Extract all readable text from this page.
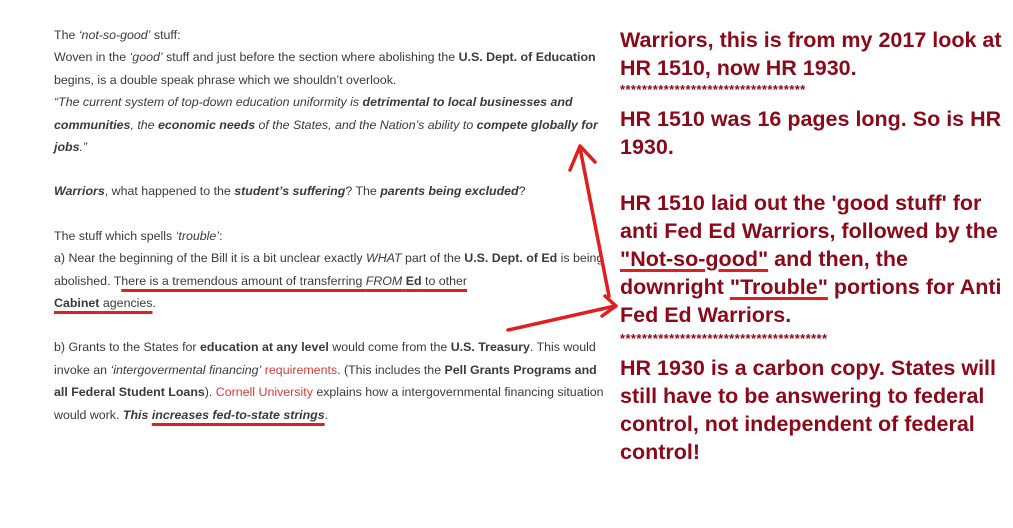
The ‘not-so-good’ stuff:

Woven in the ‘good’ stuff and just before the section where abolishing the U.S. Dept. of Education begins, is a double speak phrase which we shouldn’t overlook.

“The current system of top-down education uniformity is detrimental to local businesses and communities, the economic needs of the States, and the Nation’s ability to compete globally for jobs.”

Warriors, what happened to the student’s suffering? The parents being excluded?

The stuff which spells ‘trouble’:

a) Near the beginning of the Bill it is a bit unclear exactly WHAT part of the U.S. Dept. of Ed is being abolished. There is a tremendous amount of transferring FROM Ed to other
Cabinet agencies.

b) Grants to the States for education at any level would come from the U.S. Treasury. This would invoke an ‘intergovermental financing’ requirements. (This includes the Pell Grants Programs and all Federal Student Loans). Cornell University explains how a intergovernmental financing situation would work. This increases fed-to-state strings.

Warriors, this is from my 2017 look at HR 1510, now HR 1930.

**********************************

HR 1510 was 16 pages long. So is HR 1930.

HR 1510 laid out the 'good stuff' for anti Fed Ed Warriors, followed by the "Not-so-good" and then, the downright "Trouble" portions for Anti Fed Ed Warriors.

**************************************

HR 1930 is a carbon copy. States will still have to be answering to federal control, not independent of federal control!
